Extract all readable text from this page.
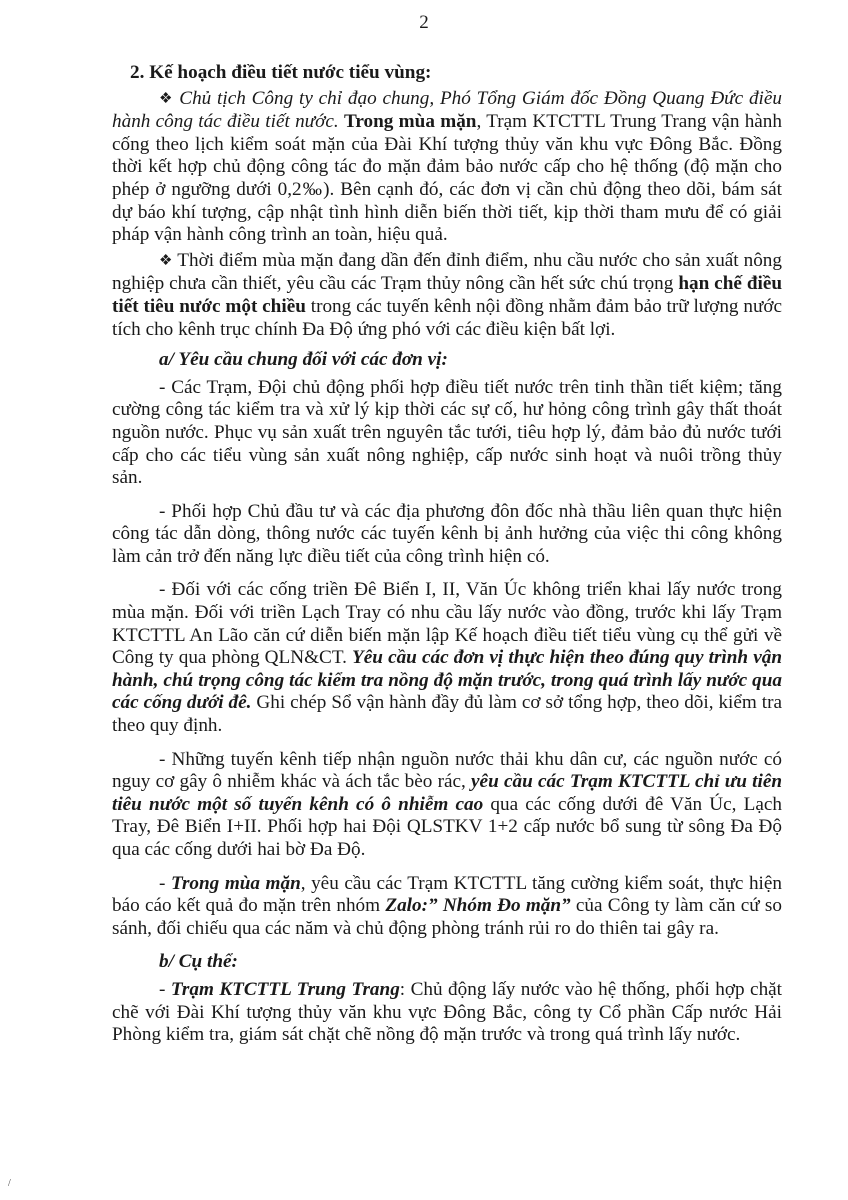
2

2. Kế hoạch điều tiết nước tiểu vùng:

❖ Chủ tịch Công ty chỉ đạo chung, Phó Tổng Giám đốc Đồng Quang Đức điều hành công tác điều tiết nước. Trong mùa mặn, Trạm KTCTTL Trung Trang vận hành cống theo lịch kiểm soát mặn của Đài Khí tượng thủy văn khu vực Đông Bắc. Đồng thời kết hợp chủ động công tác đo mặn đảm bảo nước cấp cho hệ thống (độ mặn cho phép ở ngưỡng dưới 0,2‰). Bên cạnh đó, các đơn vị cần chủ động theo dõi, bám sát dự báo khí tượng, cập nhật tình hình diễn biến thời tiết, kịp thời tham mưu để có giải pháp vận hành công trình an toàn, hiệu quả.

❖ Thời điểm mùa mặn đang dần đến đỉnh điểm, nhu cầu nước cho sản xuất nông nghiệp chưa cần thiết, yêu cầu các Trạm thủy nông cần hết sức chú trọng hạn chế điều tiết tiêu nước một chiều trong các tuyến kênh nội đồng nhằm đảm bảo trữ lượng nước tích cho kênh trục chính Đa Độ ứng phó với các điều kiện bất lợi.

a/ Yêu cầu chung đối với các đơn vị:

- Các Trạm, Đội chủ động phối hợp điều tiết nước trên tinh thần tiết kiệm; tăng cường công tác kiểm tra và xử lý kịp thời các sự cố, hư hỏng công trình gây thất thoát nguồn nước. Phục vụ sản xuất trên nguyên tắc tưới, tiêu hợp lý, đảm bảo đủ nước tưới cấp cho các tiểu vùng sản xuất nông nghiệp, cấp nước sinh hoạt và nuôi trồng thủy sản.

- Phối hợp Chủ đầu tư và các địa phương đôn đốc nhà thầu liên quan thực hiện công tác dẫn dòng, thông nước các tuyến kênh bị ảnh hưởng của việc thi công không làm cản trở đến năng lực điều tiết của công trình hiện có.

- Đối với các cống triền Đê Biển I, II, Văn Úc không triển khai lấy nước trong mùa mặn. Đối với triền Lạch Tray có nhu cầu lấy nước vào đồng, trước khi lấy Trạm KTCTTL An Lão căn cứ diễn biến mặn lập Kế hoạch điều tiết tiểu vùng cụ thể gửi về Công ty qua phòng QLN&CT. Yêu cầu các đơn vị thực hiện theo đúng quy trình vận hành, chú trọng công tác kiểm tra nồng độ mặn trước, trong quá trình lấy nước qua các cống dưới đê. Ghi chép Sổ vận hành đầy đủ làm cơ sở tổng hợp, theo dõi, kiểm tra theo quy định.

- Những tuyến kênh tiếp nhận nguồn nước thải khu dân cư, các nguồn nước có nguy cơ gây ô nhiễm khác và ách tắc bèo rác, yêu cầu các Trạm KTCTTL chỉ ưu tiên tiêu nước một số tuyến kênh có ô nhiễm cao qua các cống dưới đê Văn Úc, Lạch Tray, Đê Biển I+II. Phối hợp hai Đội QLSTKV 1+2 cấp nước bổ sung từ sông Đa Độ qua các cống dưới hai bờ Đa Độ.

- Trong mùa mặn, yêu cầu các Trạm KTCTTL tăng cường kiểm soát, thực hiện báo cáo kết quả đo mặn trên nhóm Zalo:” Nhóm Đo mặn” của Công ty làm căn cứ so sánh, đối chiếu qua các năm và chủ động phòng tránh rủi ro do thiên tai gây ra.

b/ Cụ thể:

- Trạm KTCTTL Trung Trang: Chủ động lấy nước vào hệ thống, phối hợp chặt chẽ với Đài Khí tượng thủy văn khu vực Đông Bắc, công ty Cổ phần Cấp nước Hải Phòng kiểm tra, giám sát chặt chẽ nồng độ mặn trước và trong quá trình lấy nước.

/
